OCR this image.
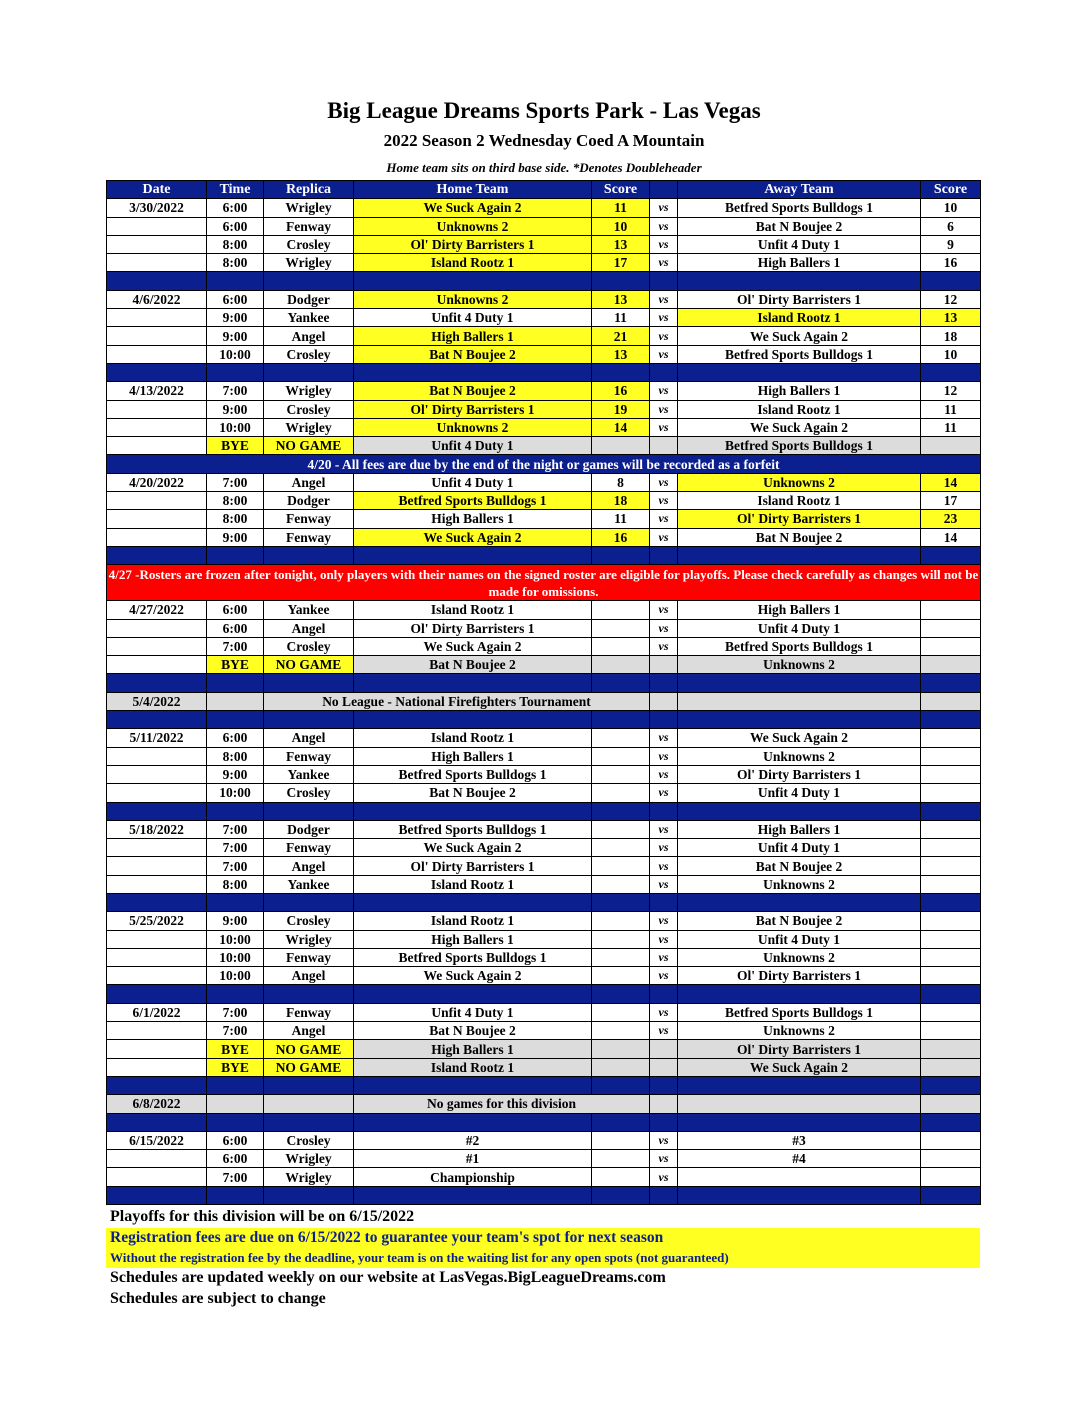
Big League Dreams Sports Park - Las Vegas
2022 Season 2 Wednesday Coed A Mountain
Home team sits on third base side. *Denotes Doubleheader
Date	Time	Replica	Home Team	Score		Away Team	Score
3/30/2022	6:00	Wrigley	We Suck Again 2	11	vs	Betfred Sports Bulldogs 1	10
	6:00	Fenway	Unknowns 2	10	vs	Bat N Boujee 2	6
	8:00	Crosley	Ol' Dirty Barristers 1	13	vs	Unfit 4 Duty 1	9
	8:00	Wrigley	Island Rootz 1	17	vs	High Ballers 1	16

4/6/2022	6:00	Dodger	Unknowns 2	13	vs	Ol' Dirty Barristers 1	12
	9:00	Yankee	Unfit 4 Duty 1	11	vs	Island Rootz 1	13
	9:00	Angel	High Ballers 1	21	vs	We Suck Again 2	18
	10:00	Crosley	Bat N Boujee 2	13	vs	Betfred Sports Bulldogs 1	10

4/13/2022	7:00	Wrigley	Bat N Boujee 2	16	vs	High Ballers 1	12
	9:00	Crosley	Ol' Dirty Barristers 1	19	vs	Island Rootz 1	11
	10:00	Wrigley	Unknowns 2	14	vs	We Suck Again 2	11
	BYE	NO GAME	Unfit 4 Duty 1			Betfred Sports Bulldogs 1	
4/20 - All fees are due by the end of the night or games will be recorded as a forfeit							
4/20/2022	7:00	Angel	Unfit 4 Duty 1	8	vs	Unknowns 2	14
	8:00	Dodger	Betfred Sports Bulldogs 1	18	vs	Island Rootz 1	17
	8:00	Fenway	High Ballers 1	11	vs	Ol' Dirty Barristers 1	23
	9:00	Fenway	We Suck Again 2	16	vs	Bat N Boujee 2	14

4/27 -Rosters are frozen after tonight, only players with their names on the signed roster are eligible for playoffs. Please check carefully as changes will not be made for omissions.							
4/27/2022	6:00	Yankee	Island Rootz 1		vs	High Ballers 1	
	6:00	Angel	Ol' Dirty Barristers 1		vs	Unfit 4 Duty 1	
	7:00	Crosley	We Suck Again 2		vs	Betfred Sports Bulldogs 1	
	BYE	NO GAME	Bat N Boujee 2			Unknowns 2	

5/4/2022		No League - National Firefighters Tournament					

5/11/2022	6:00	Angel	Island Rootz 1		vs	We Suck Again 2	
	8:00	Fenway	High Ballers 1		vs	Unknowns 2	
	9:00	Yankee	Betfred Sports Bulldogs 1		vs	Ol' Dirty Barristers 1	
	10:00	Crosley	Bat N Boujee 2		vs	Unfit 4 Duty 1	

5/18/2022	7:00	Dodger	Betfred Sports Bulldogs 1		vs	High Ballers 1	
	7:00	Fenway	We Suck Again 2		vs	Unfit 4 Duty 1	
	7:00	Angel	Ol' Dirty Barristers 1		vs	Bat N Boujee 2	
	8:00	Yankee	Island Rootz 1		vs	Unknowns 2	

5/25/2022	9:00	Crosley	Island Rootz 1		vs	Bat N Boujee 2	
	10:00	Wrigley	High Ballers 1		vs	Unfit 4 Duty 1	
	10:00	Fenway	Betfred Sports Bulldogs 1		vs	Unknowns 2	
	10:00	Angel	We Suck Again 2		vs	Ol' Dirty Barristers 1	

6/1/2022	7:00	Fenway	Unfit 4 Duty 1		vs	Betfred Sports Bulldogs 1	
	7:00	Angel	Bat N Boujee 2		vs	Unknowns 2	
	BYE	NO GAME	High Ballers 1			Ol' Dirty Barristers 1	
	BYE	NO GAME	Island Rootz 1			We Suck Again 2	

6/8/2022			No games for this division				

6/15/2022	6:00	Crosley	#2		vs	#3	
	6:00	Wrigley	#1		vs	#4	
	7:00	Wrigley	Championship		vs		

Playoffs for this division will be on 6/15/2022
Registration fees are due on 6/15/2022 to guarantee your team's spot for next season
Without the registration fee by the deadline, your team is on the waiting list for any open spots (not guaranteed)
Schedules are updated weekly on our website at LasVegas.BigLeagueDreams.com
Schedules are subject to change
